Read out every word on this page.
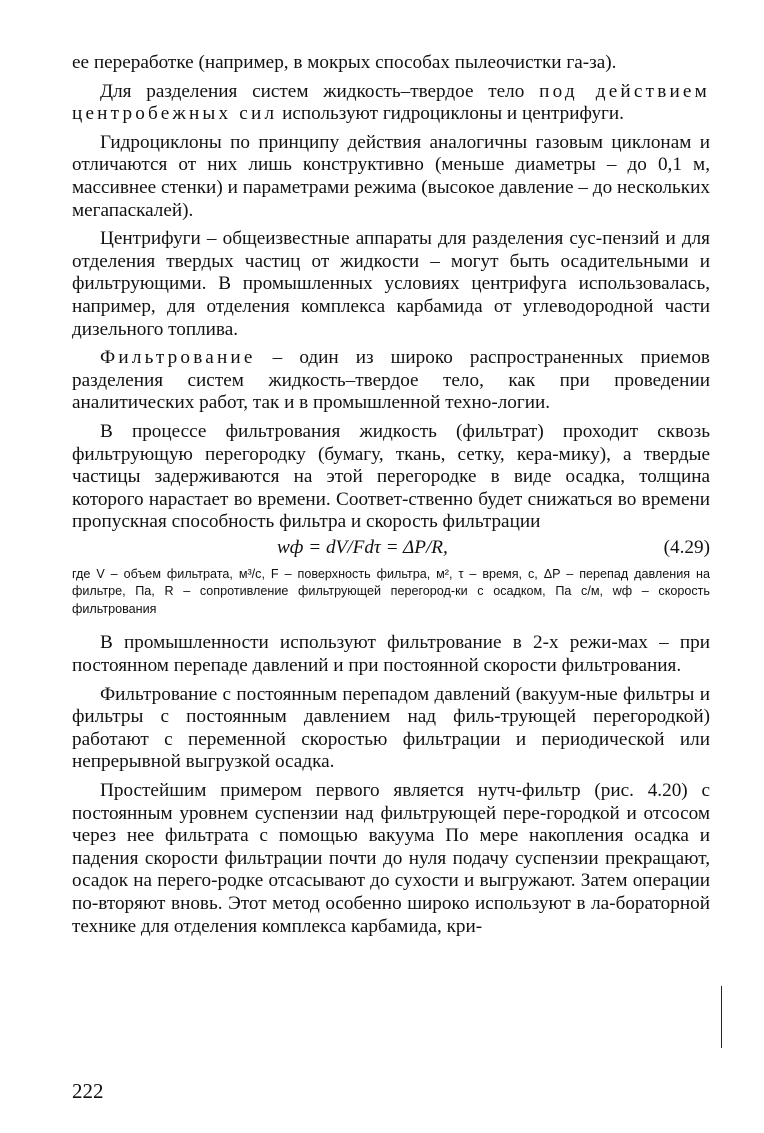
ее переработке (например, в мокрых способах пылеочистки га-за).

Для разделения систем жидкость–твердое тело под действием центробежных сил используют гидроциклоны и центрифуги.

Гидроциклоны по принципу действия аналогичны газовым циклонам и отличаются от них лишь конструктивно (меньше диаметры – до 0,1 м, массивнее стенки) и параметрами режима (высокое давление – до нескольких мегапаскалей).

Центрифуги – общеизвестные аппараты для разделения сус-пензий и для отделения твердых частиц от жидкости – могут быть осадительными и фильтрующими. В промышленных условиях центрифуга использовалась, например, для отделения комплекса карбамида от углеводородной части дизельного топлива.

Фильтрование – один из широко распространенных приемов разделения систем жидкость–твердое тело, как при проведении аналитических работ, так и в промышленной техно-логии.

В процессе фильтрования жидкость (фильтрат) проходит сквозь фильтрующую перегородку (бумагу, ткань, сетку, кера-мику), а твердые частицы задерживаются на этой перегородке в виде осадка, толщина которого нарастает во времени. Соответ-ственно будет снижаться во времени пропускная способность фильтра и скорость фильтрации

wф = dV/Fdτ = ΔP/R,	(4.29)
где V – объем фильтрата, м³/с, F – поверхность фильтра, м², τ – время, с, ΔP – перепад давления на фильтре, Па, R – сопротивление фильтрующей перегород-ки с осадком, Па с/м, wф – скорость фильтрования

В промышленности используют фильтрование в 2-х режи-мах – при постоянном перепаде давлений и при постоянной скорости фильтрования.

Фильтрование с постоянным перепадом давлений (вакуум-ные фильтры и фильтры с постоянным давлением над филь-трующей перегородкой) работают с переменной скоростью фильтрации и периодической или непрерывной выгрузкой осадка.

Простейшим примером первого является нутч-фильтр (рис. 4.20) с постоянным уровнем суспензии над фильтрующей пере-городкой и отсосом через нее фильтрата с помощью вакуума По мере накопления осадка и падения скорости фильтрации почти до нуля подачу суспензии прекращают, осадок на перего-родке отсасывают до сухости и выгружают. Затем операции по-вторяют вновь. Этот метод особенно широко используют в ла-бораторной технике для отделения комплекса карбамида, кри-

222
